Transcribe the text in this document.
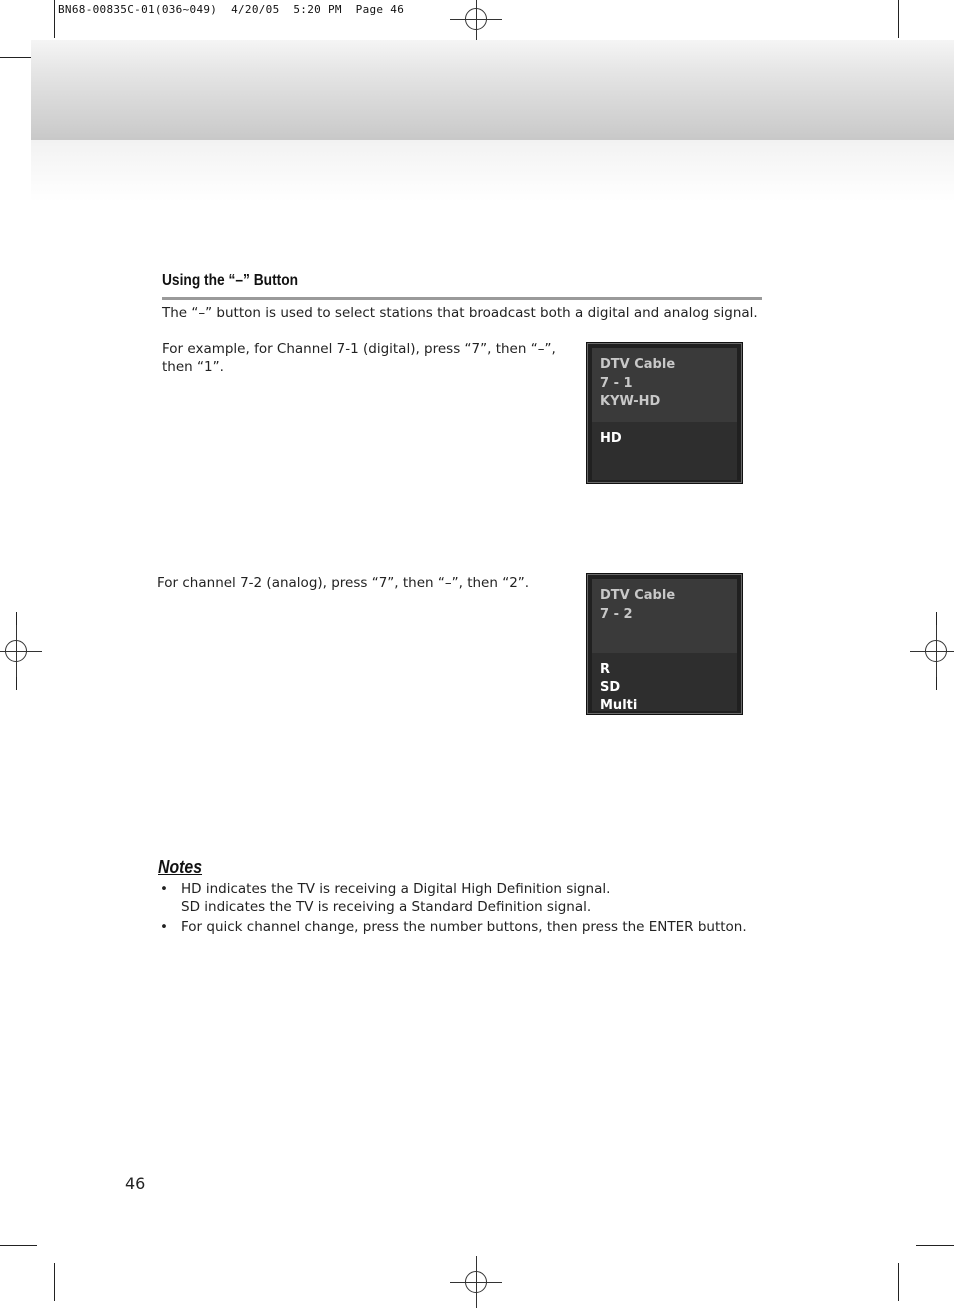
BN68-00835C-01(036~049)  4/20/05  5:20 PM  Page 46
Using the “–” Button
The “–” button is used to select stations that broadcast both a digital and analog signal.
For example, for Channel 7-1 (digital), press “7”, then “–”,
then “1”.	DTV Cable
7 - 1
KYW-HD
HD
For channel 7-2 (analog), press “7”, then “–”, then “2”.
DTV Cable
7 - 2
R
SD
Multi
Notes
• HD indicates the TV is receiving a Digital High Definition signal.
SD indicates the TV is receiving a Standard Definition signal.
• For quick channel change, press the number buttons, then press the ENTER button.
46
